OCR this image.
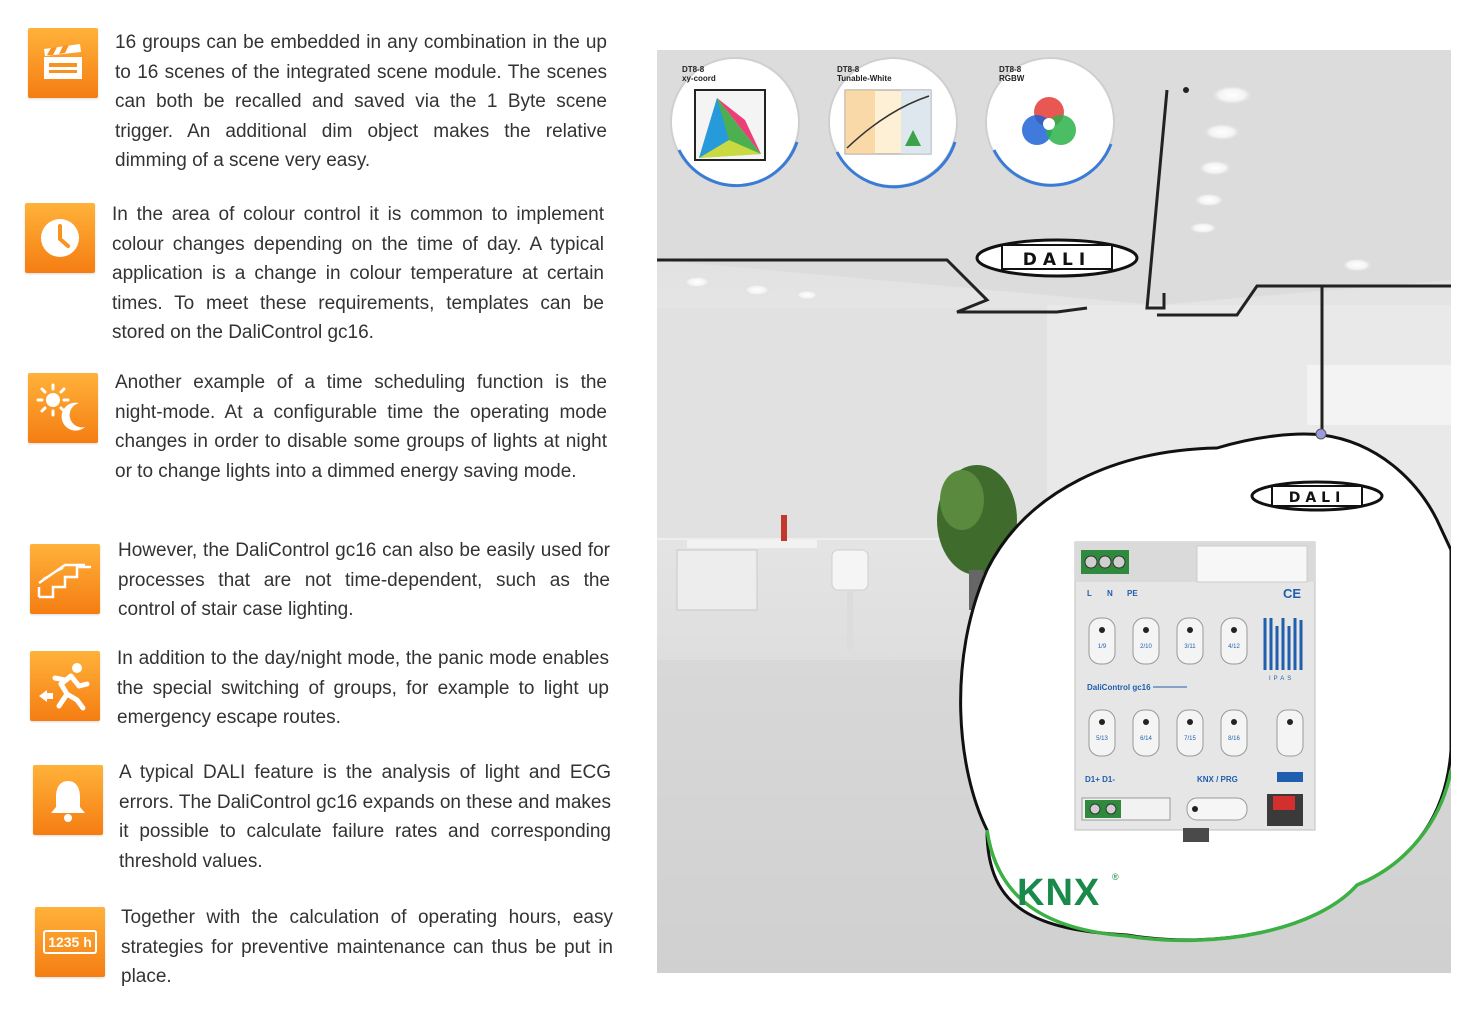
16 groups can be embedded in any combination in the up to 16 scenes of the integrated scene module. The scenes can both be recalled and saved via the 1 Byte scene trigger. An additional dim object makes the relative dimming of a scene very easy.
In the area of colour control it is common to implement colour changes depending on the time of day. A typical application is a change in colour temperature at certain times. To meet these requirements, templates can be stored on the DaliControl gc16.
Another example of a time scheduling function is the night-mode. At a configurable time the operating mode changes in order to disable some groups of lights at night or to change lights into a dimmed energy saving mode.
However, the DaliControl gc16 can also be easily used for processes that are not time-dependent, such as the control of stair case lighting.
In addition to the day/night mode, the panic mode enables the special switching of groups, for example to light up emergency escape routes.
A typical DALI feature is the analysis of light and ECG errors. The DaliControl gc16 expands on these and makes it possible to calculate failure rates and corresponding threshold values.
1235 h
Together with the calculation of operating hours, easy strategies for preventive maintenance can thus be put in place.
DALI
DT8-8
xy-coord
DT8-8
Tunable-White
DT8-8
RGBW
DALI
L N PE	CE
1/9	2/10	3/11	4/12
IPAS
DaliControl gc16
5/13	6/14	7/15	8/16
D1+ D1-	KNX / PRG
KNX ®
